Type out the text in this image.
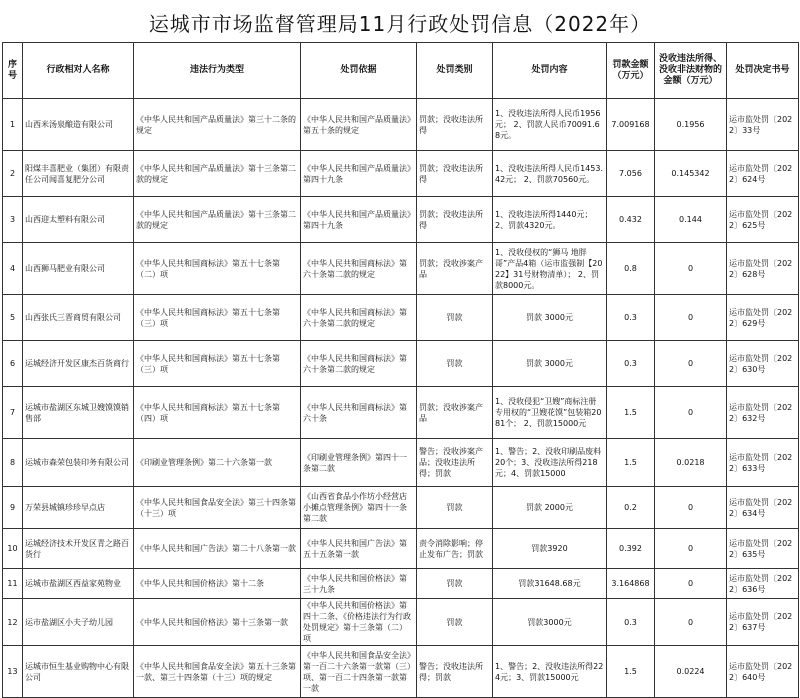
运城市市场监督管理局11月行政处罚信息（2022年）
序号	行政相对人名称	违法行为类型	处罚依据	处罚类别	处罚内容	罚款金额（万元）	没收违法所得、没收非法财物的金额（万元）	处罚决定书号
1	山西米汤泉酿造有限公司	《中华人民共和国产品质量法》第三十二条的规定	《中华人民共和国产品质量法》第五十条的规定	罚款；没收违法所得	1、没收违法所得人民币1956元； 2、罚款人民币70091.68元。	7.009168	0.1956	运市监处罚〔2022〕33号
2	阳煤丰喜肥业（集团）有限责任公司闻喜复肥分公司	《中华人民共和国产品质量法》第十三条第二款的规定	《中华人民共和国产品质量法》第四十九条	罚款；没收违法所得	1、没收违法所得人民币1453.42元； 2、罚款70560元。	7.056	0.145342	运市监处罚〔2022〕624号
3	山西迎太塑料有限公司	《中华人民共和国产品质量法》第十三条第二款的规定	《中华人民共和国产品质量法》第四十九条	罚款；没收违法所得	1、没收违法所得1440元； 2、罚款4320元。	0.432	0.144	运市监处罚〔2022〕625号
4	山西狮马肥业有限公司	《中华人民共和国商标法》第五十七条第（二）项	《中华人民共和国商标法》第六十条第二款的规定	罚款；没收涉案产品	1、没收侵权的“狮马 地胖哥”产品4箱（运市监强制【2022】31号财物清单）； 2、罚款8000元。	0.8	0	运市监处罚〔2022〕628号
5	山西张氏三晋商贸有限公司	《中华人民共和国商标法》第五十七条第（三）项	《中华人民共和国商标法》第六十条第二款的规定	罚款	罚款 3000元	0.3	0	运市监处罚〔2022〕629号
6	运城经济开发区康杰百货商行	《中华人民共和国商标法》第五十七条第（三）项	《中华人民共和国商标法》第六十条第二款的规定	罚款	罚款 3000元	0.3	0	运市监处罚〔2022〕630号
7	运城市盐湖区东城卫嫂馍馍销售部	《中华人民共和国商标法》第五十七条第（四）项	《中华人民共和国商标法》第六十条	罚款；没收涉案产品	1、没收侵犯“卫嫂”商标注册专用权的“卫嫂花馍”包装箱2081个； 2、罚款15000元	1.5	0	运市监处罚〔2022〕632号
8	运城市森荣包装印务有限公司	《印刷业管理条例》第二十六条第一款	《印刷业管理条例》第四十一条第二款	警告；没收涉案产品；没收违法所得；罚款	1、警告；2、没收印刷品废料20个；3、没收违法所得218元；4、罚款15000	1.5	0.0218	运市监处罚〔2022〕633号
9	万荣县城镇珍珍早点店	《中华人民共和国食品安全法》第三十四条第（十三）项	《山西省食品小作坊小经营店小摊点管理条例》第四十一条第二款	罚款	罚款 2000元	0.2	0	运市监处罚〔2022〕634号
10	运城经济技术开发区青之路百货行	《中华人民共和国广告法》第二十八条第一款	《中华人民共和国广告法》第五十五条第一款	责令消除影响；停止发布广告；罚款	罚款3920	0.392	0	运市监处罚〔2022〕635号
11	运城市盐湖区西益家苑物业	《中华人民共和国价格法》第十二条	《中华人民共和国价格法》第三十九条	罚款	罚款31648.68元	3.164868	0	运市监处罚〔2022〕636号
12	运市盐湖区小夫子幼儿园	《中华人民共和国价格法》第十三条第一款	《中华人民共和国价格法》第四十二条、《价格违法行为行政处罚规定》第十三条第（二）项	罚款	罚款3000元	0.3	0	运市监处罚〔2022〕637号
13	运城市恒生基业购物中心有限公司	《中华人民共和国食品安全法》第五十三条第一款、第三十四条第（十三）项的规定	《中华人民共和国食品安全法》第一百二十六条第一款第（三）项、第一百二十四条第一款第一款	警告；没收违法所得；罚款	1、警告；2、没收违法所得224元；3、罚款15000元	1.5	0.0224	运市监处罚〔2022〕640号
